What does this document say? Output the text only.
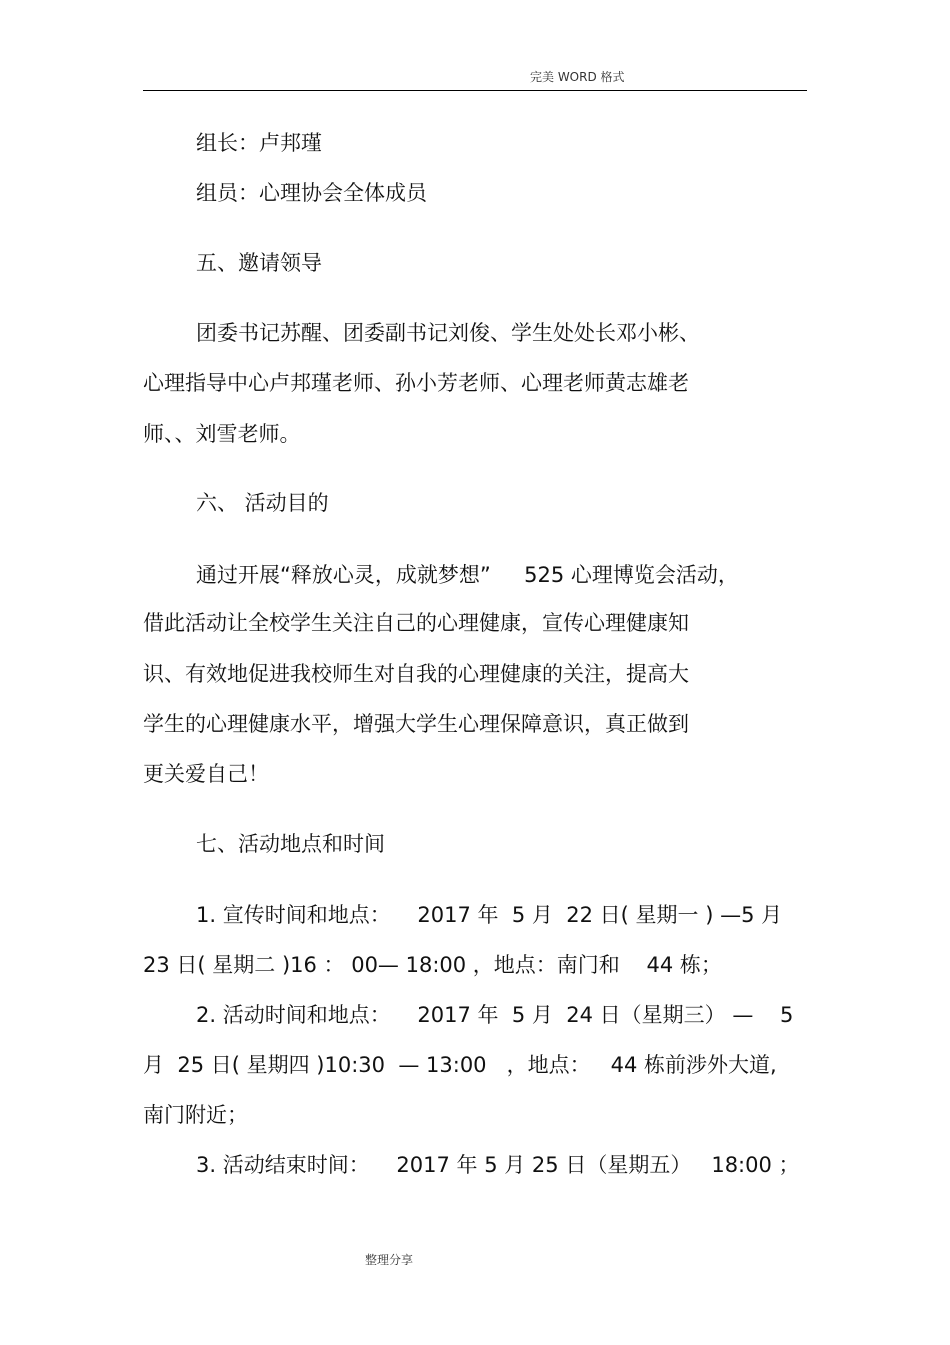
完美 WORD 格式
组长：卢邦瑾
组员：心理协会全体成员
五、邀请领导
团委书记苏醒、团委副书记刘俊、学生处处长邓小彬、
心理指导中心卢邦瑾老师、孙小芳老师、心理老师黄志雄老
师、、刘雪老师。
六、 活动目的
通过开展“释放心灵，成就梦想”     525 心理博览会活动，
借此活动让全校学生关注自己的心理健康，宣传心理健康知
识、有效地促进我校师生对自我的心理健康的关注，提高大
学生的心理健康水平，增强大学生心理保障意识，真正做到
更关爱自己！
七、活动地点和时间
1. 宣传时间和地点：    2017 年  5 月  22 日( 星期一 ) —5 月
23 日( 星期二 )16 ： 00— 18:00 ，地点：南门和    44 栋；
2. 活动时间和地点：    2017 年  5 月  24 日（星期三） —    5
月  25 日( 星期四 )10:30  — 13:00   ，地点：   44 栋前涉外大道,
南门附近；
3. 活动结束时间：    2017 年 5 月 25 日（星期五）   18:00 ；
整理分享
